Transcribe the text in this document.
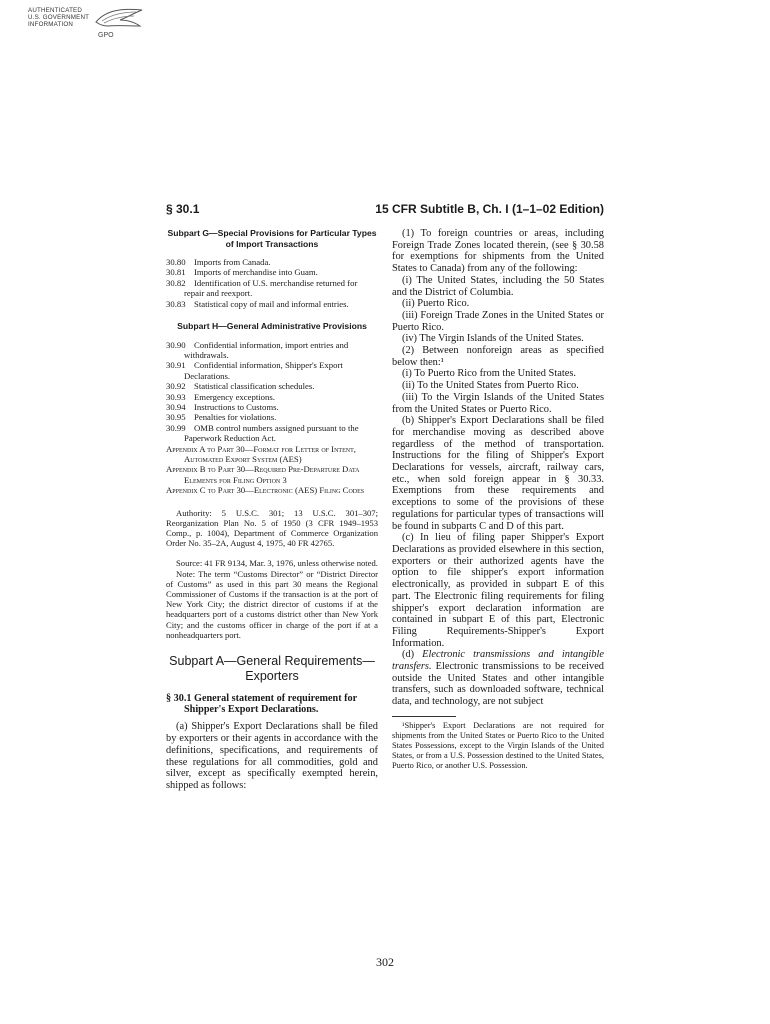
AUTHENTICATED
U.S. GOVERNMENT
INFORMATION
GPO
§ 30.1	15 CFR Subtitle B, Ch. I (1–1–02 Edition)
Subpart G—Special Provisions for Particular Types of Import Transactions
30.80 Imports from Canada.
30.81 Imports of merchandise into Guam.
30.82 Identification of U.S. merchandise returned for repair and reexport.
30.83 Statistical copy of mail and informal entries.
Subpart H—General Administrative Provisions
30.90 Confidential information, import entries and withdrawals.
30.91 Confidential information, Shipper's Export Declarations.
30.92 Statistical classification schedules.
30.93 Emergency exceptions.
30.94 Instructions to Customs.
30.95 Penalties for violations.
30.99 OMB control numbers assigned pursuant to the Paperwork Reduction Act.
Appendix A to Part 30—Format for Letter of Intent, Automated Export System (AES)
Appendix B to Part 30—Required Pre-Departure Data Elements for Filing Option 3
Appendix C to Part 30—Electronic (AES) Filing Codes
Authority: 5 U.S.C. 301; 13 U.S.C. 301–307; Reorganization Plan No. 5 of 1950 (3 CFR 1949–1953 Comp., p. 1004), Department of Commerce Organization Order No. 35–2A, August 4, 1975, 40 FR 42765.
Source: 41 FR 9134, Mar. 3, 1976, unless otherwise noted.
Note: The term “Customs Director” or “District Director of Customs” as used in this part 30 means the Regional Commissioner of Customs if the transaction is at the port of New York City; the district director of customs if at the headquarters port of a customs district other than New York City; and the customs officer in charge of the port if at a nonheadquarters port.
Subpart A—General Requirements—Exporters
§ 30.1 General statement of requirement for Shipper's Export Declarations.

(a) Shipper's Export Declarations shall be filed by exporters or their agents in accordance with the definitions, specifications, and requirements of these regulations for all commodities, gold and silver, except as specifically exempted herein, shipped as follows:

(1) To foreign countries or areas, including Foreign Trade Zones located therein, (see § 30.58 for exemptions for shipments from the United States to Canada) from any of the following:

(i) The United States, including the 50 States and the District of Columbia.

(ii) Puerto Rico.

(iii) Foreign Trade Zones in the United States or Puerto Rico.

(iv) The Virgin Islands of the United States.

(2) Between nonforeign areas as specified below then:¹

(i) To Puerto Rico from the United States.

(ii) To the United States from Puerto Rico.

(iii) To the Virgin Islands of the United States from the United States or Puerto Rico.

(b) Shipper's Export Declarations shall be filed for merchandise moving as described above regardless of the method of transportation. Instructions for the filing of Shipper's Export Declarations for vessels, aircraft, railway cars, etc., when sold foreign appear in § 30.33. Exemptions from these requirements and exceptions to some of the provisions of these regulations for particular types of transactions will be found in subparts C and D of this part.

(c) In lieu of filing paper Shipper's Export Declarations as provided elsewhere in this section, exporters or their authorized agents have the option to file shipper's export information electronically, as provided in subpart E of this part. The Electronic filing requirements for filing shipper's export declaration information are contained in subpart E of this part, Electronic Filing Requirements-Shipper's Export Information.

(d) Electronic transmissions and intangible transfers. Electronic transmissions to be received outside the United States and other intangible transfers, such as downloaded software, technical data, and technology, are not subject

¹Shipper's Export Declarations are not required for shipments from the United States or Puerto Rico to the United States Possessions, except to the Virgin Islands of the United States, or from a U.S. Possession destined to the United States, Puerto Rico, or another U.S. Possession.
302
